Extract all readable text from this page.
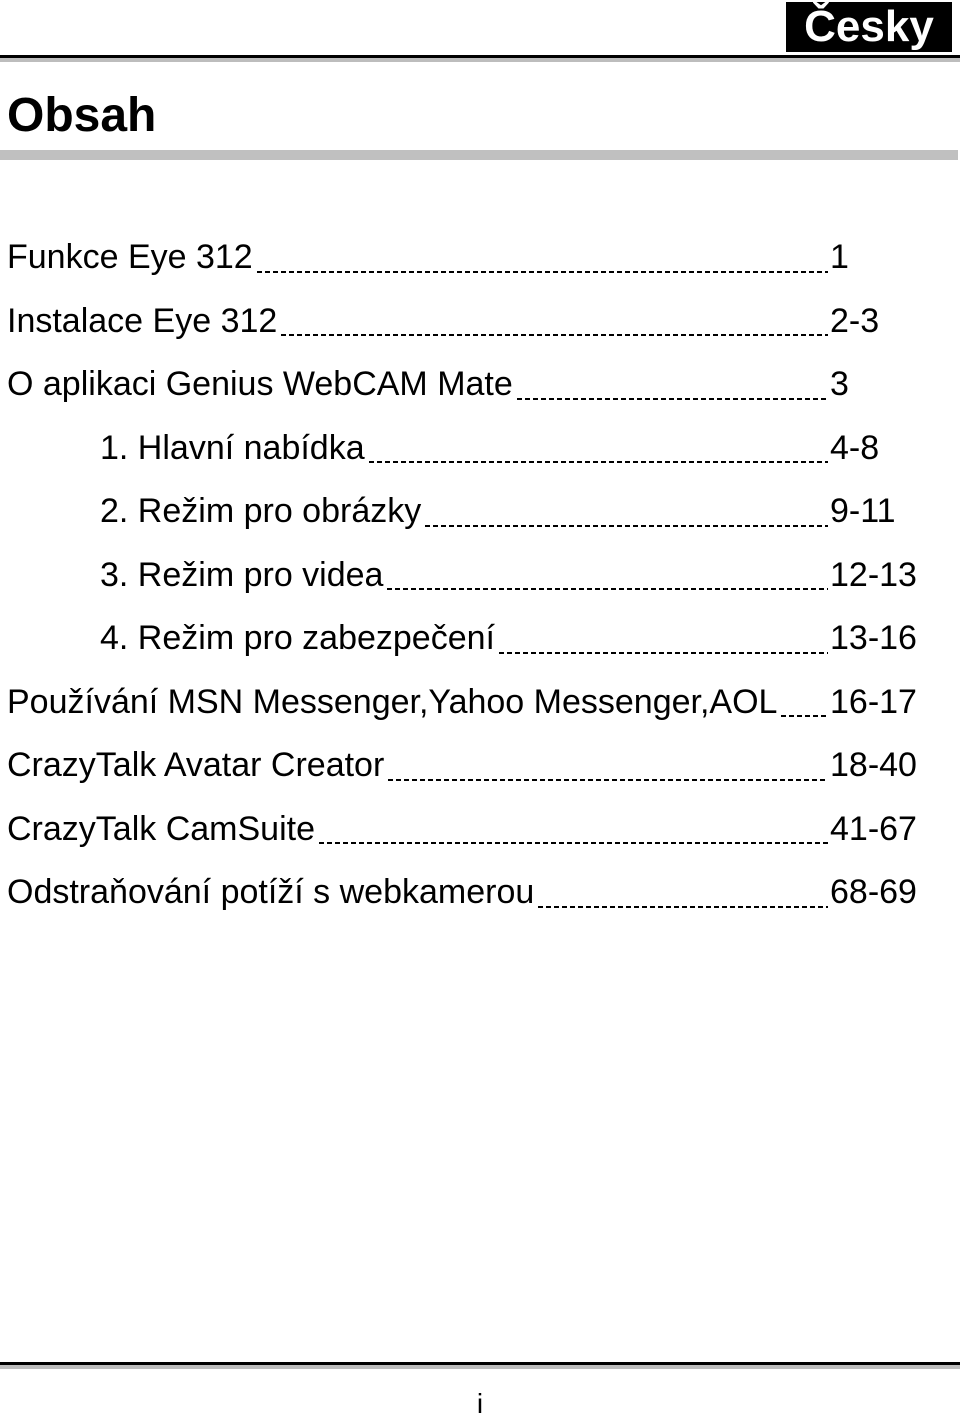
Česky
Obsah
Funkce Eye 312	1
Instalace Eye 312	2-3
O aplikaci Genius WebCAM Mate	3
1. Hlavní nabídka	4-8
2. Režim pro obrázky	9-11
3. Režim pro videa	12-13
4. Režim pro zabezpečení	13-16
Používání MSN Messenger,Yahoo Messenger,AOL 16-17
CrazyTalk Avatar Creator	18-40
CrazyTalk CamSuite	41-67
Odstraňování potíží s webkamerou	68-69
i
